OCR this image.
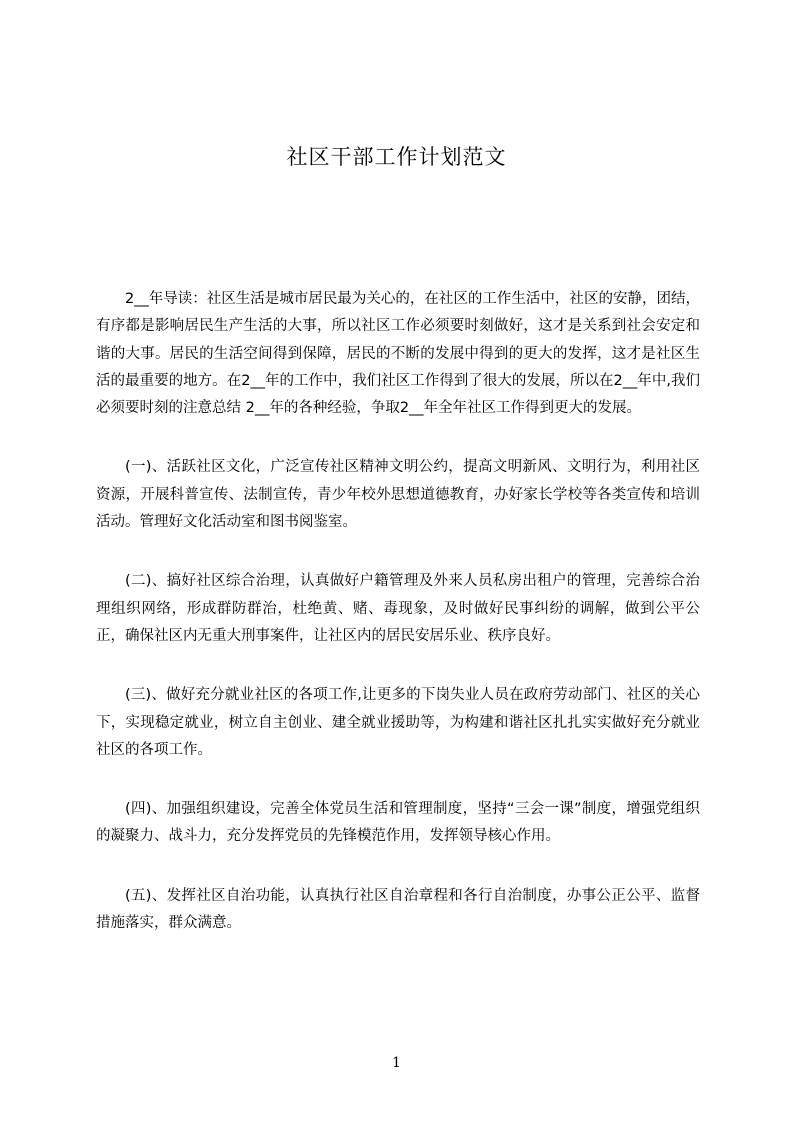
社区干部工作计划范文

2__年导读：社区生活是城市居民最为关心的，在社区的工作生活中，社区的安静，团结，有序都是影响居民生产生活的大事，所以社区工作必须要时刻做好，这才是关系到社会安定和谐的大事。居民的生活空间得到保障，居民的不断的发展中得到的更大的发挥，这才是社区生活的最重要的地方。在2__年的工作中，我们社区工作得到了很大的发展，所以在2__年中,我们必须要时刻的注意总结 2__年的各种经验，争取2__年全年社区工作得到更大的发展。

(一)、活跃社区文化，广泛宣传社区精神文明公约，提高文明新风、文明行为，利用社区资源，开展科普宣传、法制宣传，青少年校外思想道德教育，办好家长学校等各类宣传和培训活动。管理好文化活动室和图书阅鉴室。

(二)、搞好社区综合治理，认真做好户籍管理及外来人员私房出租户的管理，完善综合治理组织网络，形成群防群治，杜绝黄、赌、毒现象，及时做好民事纠纷的调解，做到公平公正，确保社区内无重大刑事案件，让社区内的居民安居乐业、秩序良好。

(三)、做好充分就业社区的各项工作,让更多的下岗失业人员在政府劳动部门、社区的关心下，实现稳定就业，树立自主创业、建全就业援助等，为构建和谐社区扎扎实实做好充分就业社区的各项工作。

(四)、加强组织建设，完善全体党员生活和管理制度，坚持“三会一课”制度，增强党组织的凝聚力、战斗力，充分发挥党员的先锋模范作用，发挥领导核心作用。

(五)、发挥社区自治功能，认真执行社区自治章程和各行自治制度，办事公正公平、监督措施落实，群众满意。

1
